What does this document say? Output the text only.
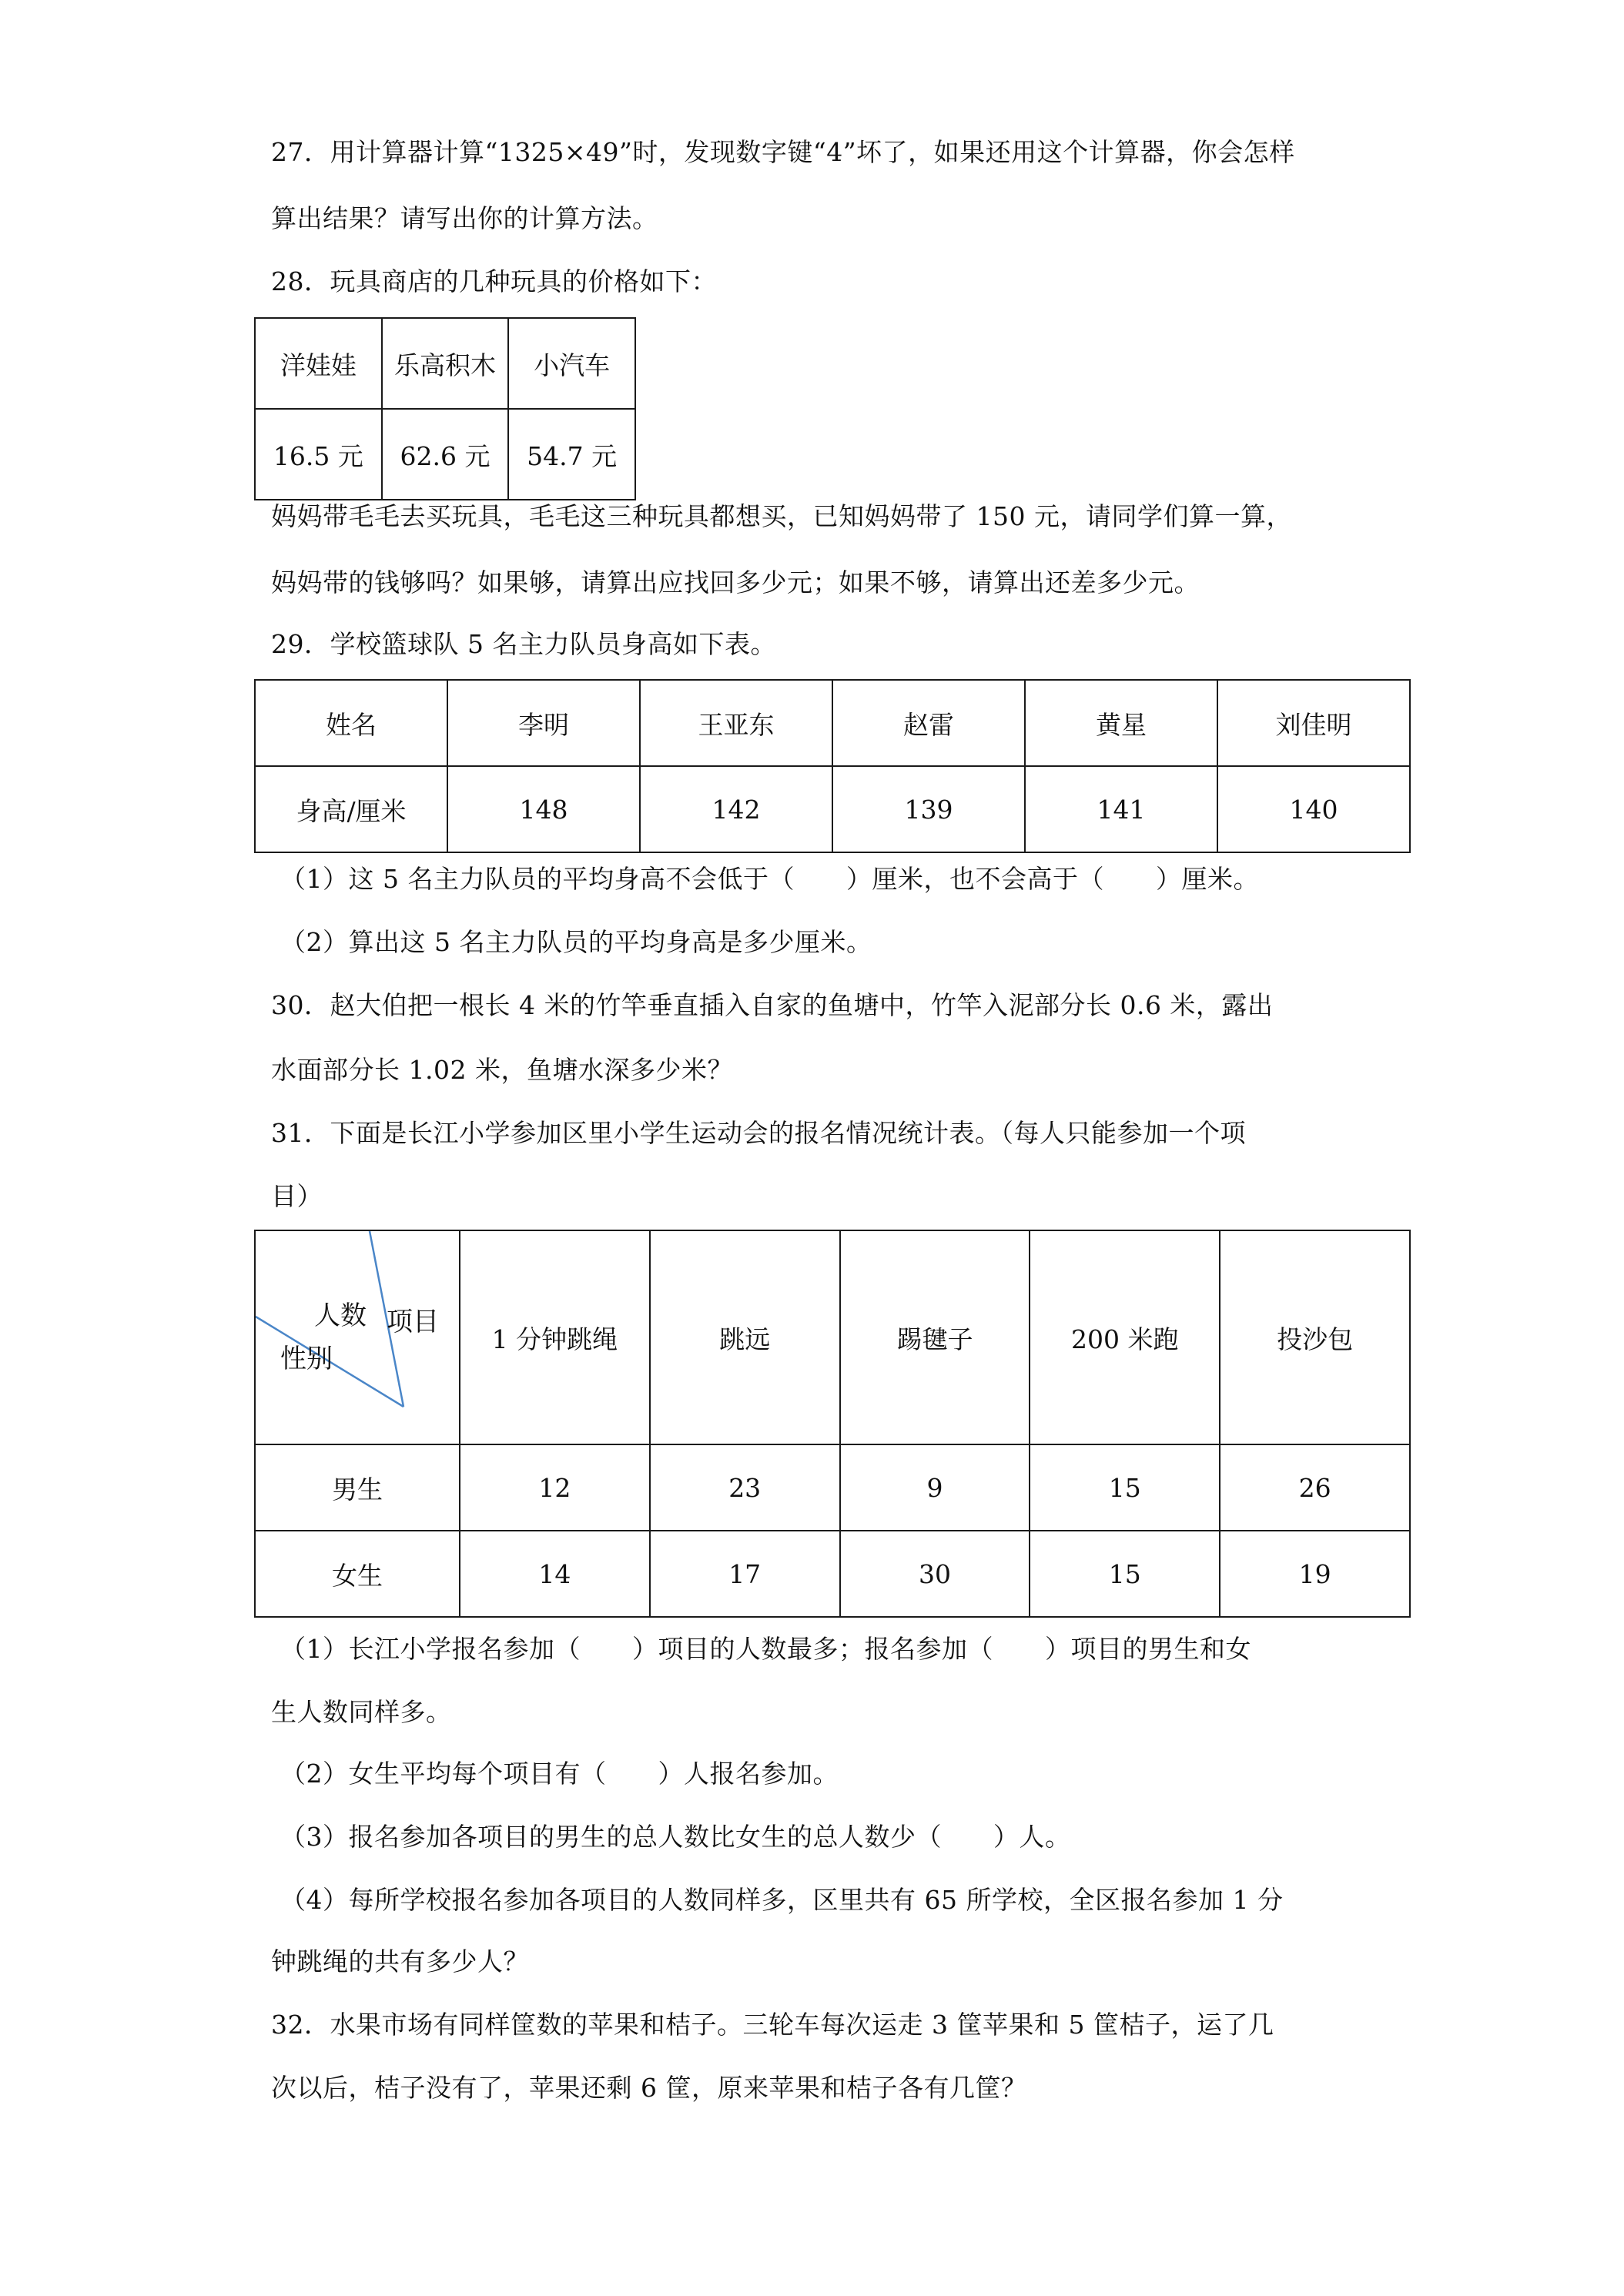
27．用计算器计算“1325×49”时，发现数字键“4”坏了，如果还用这个计算器，你会怎样
算出结果？请写出你的计算方法。
28．玩具商店的几种玩具的价格如下：
洋娃娃	乐高积木	小汽车
16.5 元	62.6 元	54.7 元
妈妈带毛毛去买玩具，毛毛这三种玩具都想买，已知妈妈带了 150 元，请同学们算一算，
妈妈带的钱够吗？如果够，请算出应找回多少元；如果不够，请算出还差多少元。
29．学校篮球队 5 名主力队员身高如下表。
姓名	李明	王亚东	赵雷	黄星	刘佳明
身高/厘米	148	142	139	141	140
（1）这 5 名主力队员的平均身高不会低于（　　）厘米，也不会高于（　　）厘米。
（2）算出这 5 名主力队员的平均身高是多少厘米。
30．赵大伯把一根长 4 米的竹竿垂直插入自家的鱼塘中，竹竿入泥部分长 0.6 米，露出
水面部分长 1.02 米，鱼塘水深多少米？
31．下面是长江小学参加区里小学生运动会的报名情况统计表。（每人只能参加一个项
目）
项目
人数
性别	1 分钟跳绳	跳远	踢毽子	200 米跑	投沙包
男生	12	23	9	15	26
女生	14	17	30	15	19
（1）长江小学报名参加（　　）项目的人数最多；报名参加（　　）项目的男生和女
生人数同样多。
（2）女生平均每个项目有（　　）人报名参加。
（3）报名参加各项目的男生的总人数比女生的总人数少（　　）人。
（4）每所学校报名参加各项目的人数同样多，区里共有 65 所学校，全区报名参加 1 分
钟跳绳的共有多少人？
32．水果市场有同样筐数的苹果和桔子。三轮车每次运走 3 筐苹果和 5 筐桔子，运了几
次以后，桔子没有了，苹果还剩 6 筐，原来苹果和桔子各有几筐？
